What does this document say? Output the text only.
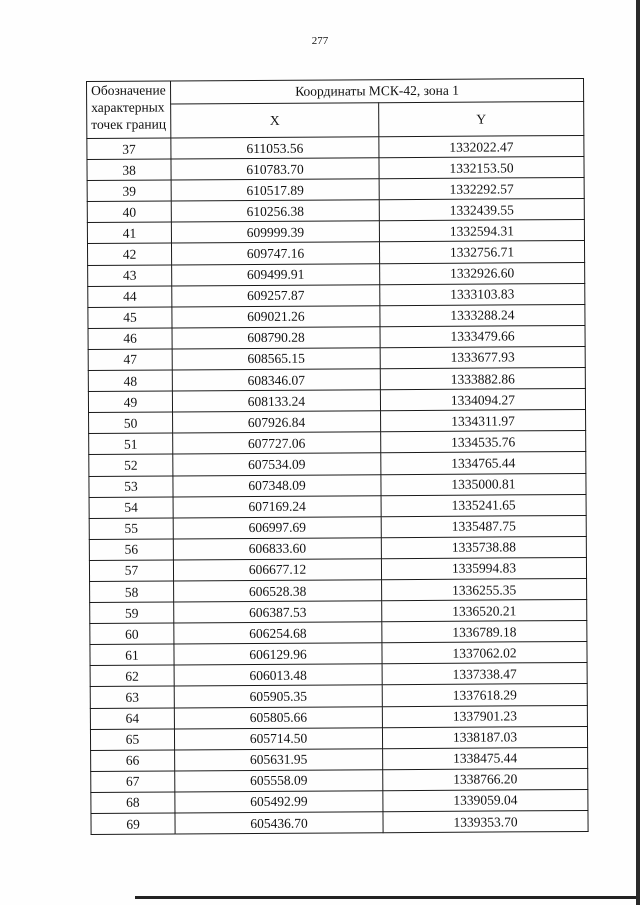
277
Обозначение
характерных
точек границ	Координаты МСК-42, зона 1	
	X	Y
37	611053.56	1332022.47
38	610783.70	1332153.50
39	610517.89	1332292.57
40	610256.38	1332439.55
41	609999.39	1332594.31
42	609747.16	1332756.71
43	609499.91	1332926.60
44	609257.87	1333103.83
45	609021.26	1333288.24
46	608790.28	1333479.66
47	608565.15	1333677.93
48	608346.07	1333882.86
49	608133.24	1334094.27
50	607926.84	1334311.97
51	607727.06	1334535.76
52	607534.09	1334765.44
53	607348.09	1335000.81
54	607169.24	1335241.65
55	606997.69	1335487.75
56	606833.60	1335738.88
57	606677.12	1335994.83
58	606528.38	1336255.35
59	606387.53	1336520.21
60	606254.68	1336789.18
61	606129.96	1337062.02
62	606013.48	1337338.47
63	605905.35	1337618.29
64	605805.66	1337901.23
65	605714.50	1338187.03
66	605631.95	1338475.44
67	605558.09	1338766.20
68	605492.99	1339059.04
69	605436.70	1339353.70
